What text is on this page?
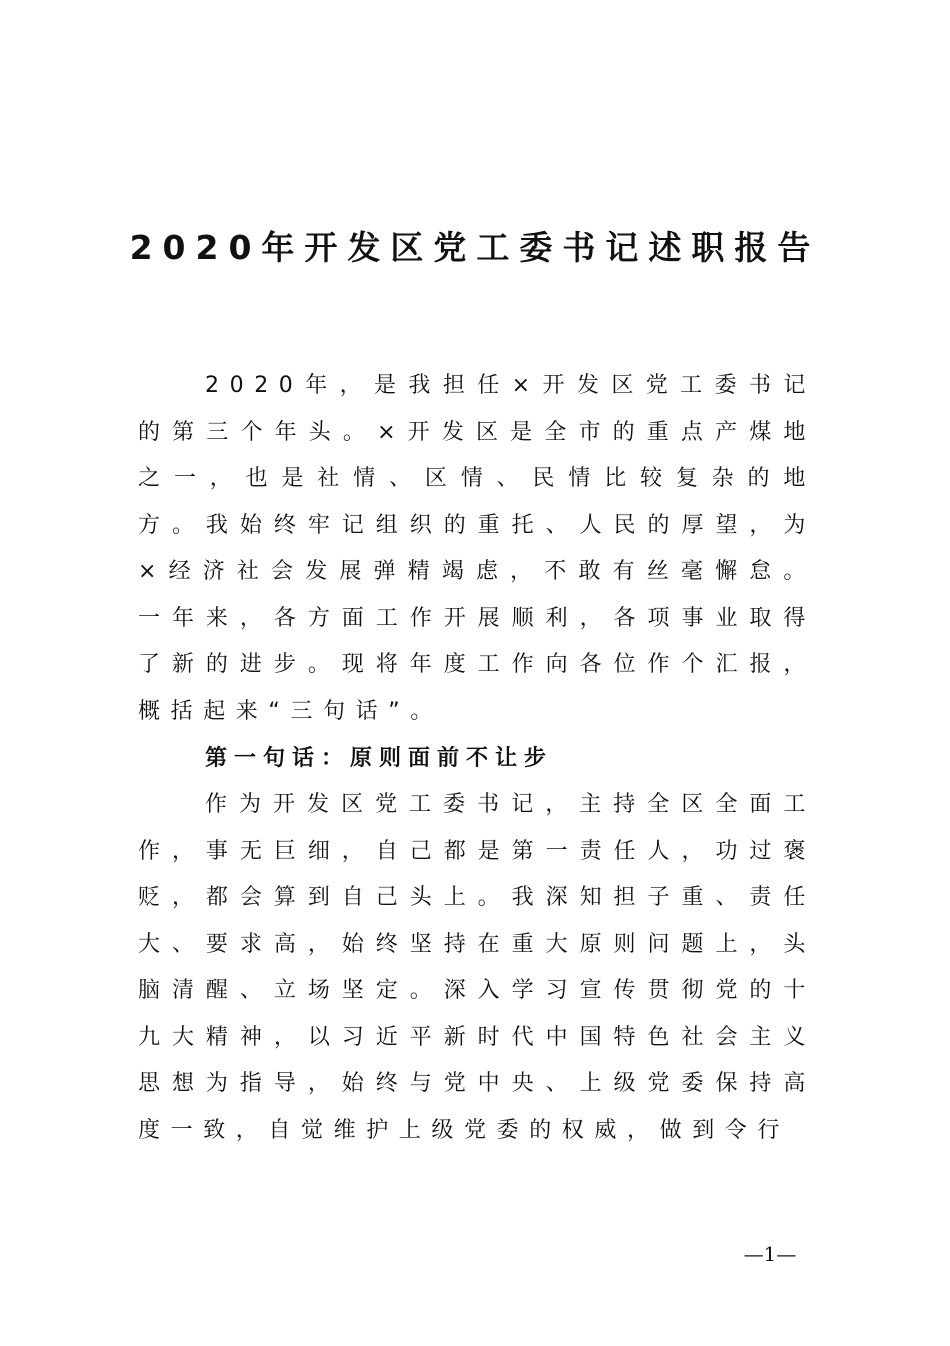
2020年开发区党工委书记述职报告

2020年，是我担任×开发区党工委书记的第三个年头。×开发区是全市的重点产煤地之一，也是社情、区情、民情比较复杂的地方。我始终牢记组织的重托、人民的厚望，为×经济社会发展弹精竭虑，不敢有丝毫懈怠。一年来，各方面工作开展顺利，各项事业取得了新的进步。现将年度工作向各位作个汇报，概括起来“三句话”。

第一句话：原则面前不让步

作为开发区党工委书记，主持全区全面工作，事无巨细，自己都是第一责任人，功过褒贬，都会算到自己头上。我深知担子重、责任大、要求高，始终坚持在重大原则问题上，头脑清醒、立场坚定。深入学习宣传贯彻党的十九大精神，以习近平新时代中国特色社会主义思想为指导，始终与党中央、上级党委保持高度一致，自觉维护上级党委的权威，做到令行

—1—
